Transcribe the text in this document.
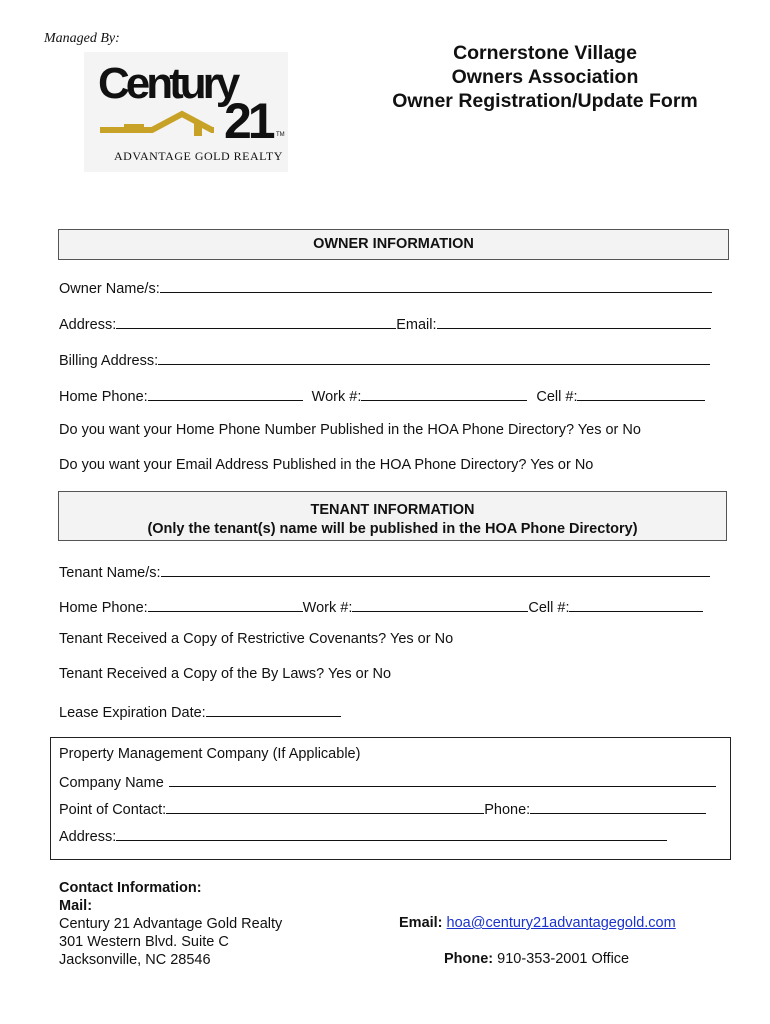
Managed By:
Century
21 TM
ADVANTAGE GOLD REALTY
Cornerstone Village
Owners Association
Owner Registration/Update Form
OWNER INFORMATION
Owner Name/s:
Address:	Email:
Billing Address:
Home Phone:	Work #:	Cell #:
Do you want your Home Phone Number Published in the HOA Phone Directory? Yes or No
Do you want your Email Address Published in the HOA Phone Directory? Yes or No
TENANT INFORMATION
(Only the tenant(s) name will be published in the HOA Phone Directory)
Tenant Name/s:
Home Phone:	Work #:	Cell #:
Tenant Received a Copy of Restrictive Covenants? Yes or No
Tenant Received a Copy of the By Laws? Yes or No
Lease Expiration Date:
Property Management Company (If Applicable)
Company Name
Point of Contact:	Phone:
Address:
Contact Information:
Mail:
Century 21 Advantage Gold Realty
301 Western Blvd. Suite C
Jacksonville, NC 28546
Email: hoa@century21advantagegold.com
Phone: 910-353-2001 Office
